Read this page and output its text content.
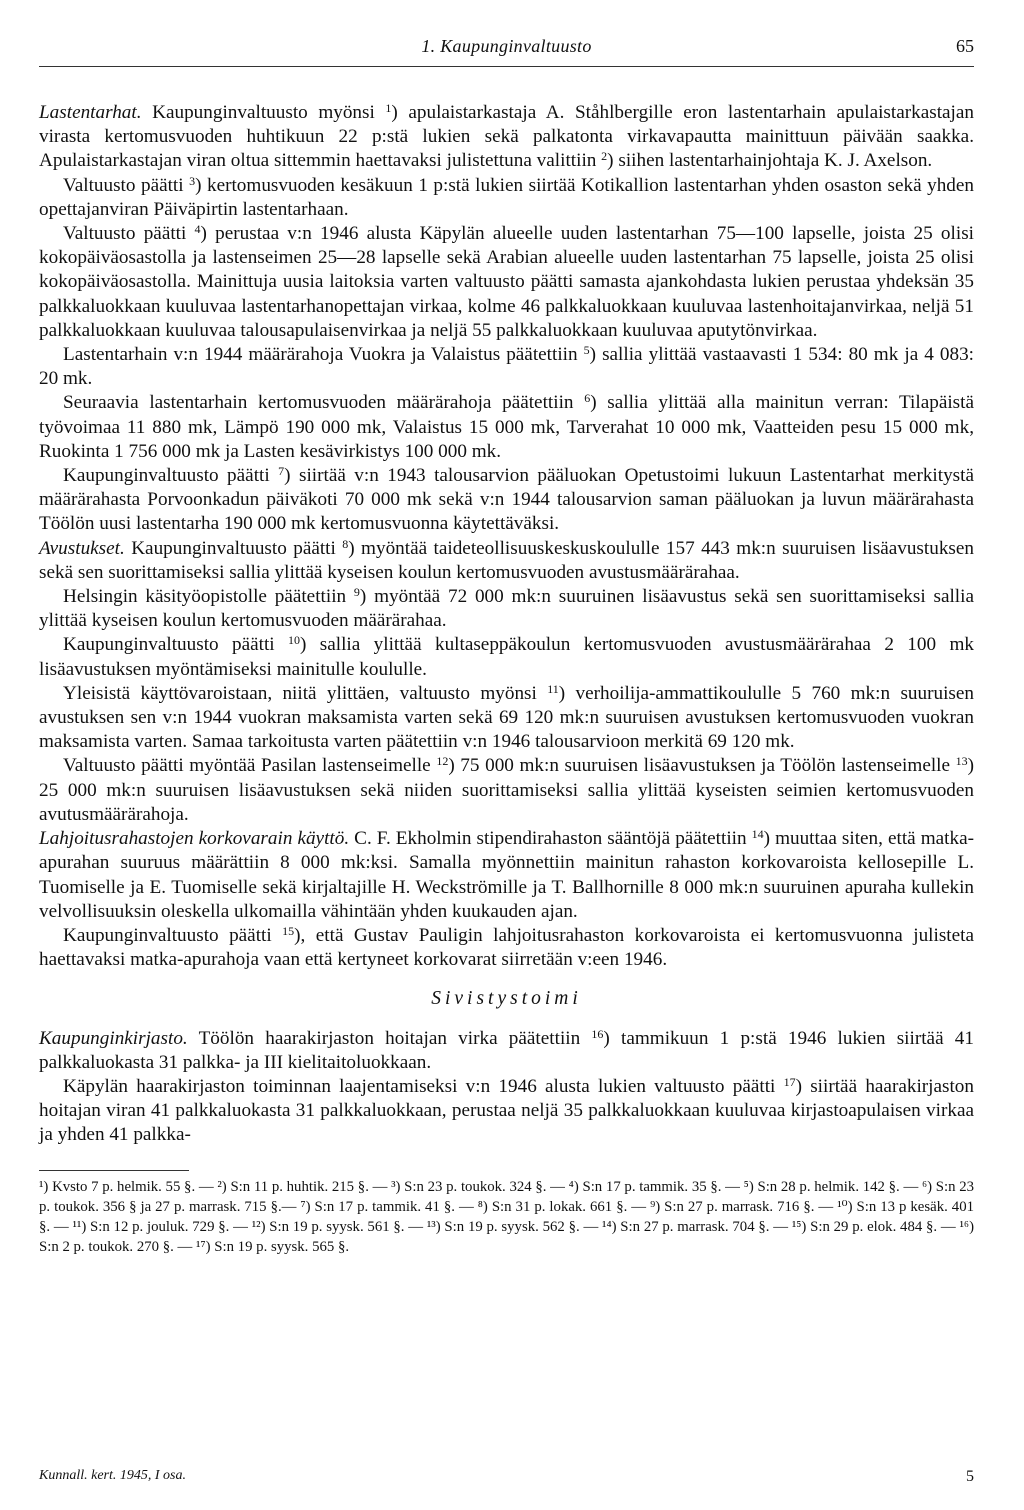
1. Kaupunginvaltuusto	65

Lastentarhat. Kaupunginvaltuusto myönsi $^1$) apulaistarkastaja A. Ståhlbergille eron lastentarhain apulaistarkastajan virasta kertomusvuoden huhtikuun 22 p:stä lukien sekä palkatonta virkavapautta mainittuun päivään saakka. Apulaistarkastajan viran oltua sittemmin haettavaksi julistettuna valittiin $^2$) siihen lastentarhainjohtaja K. J. Axelson.

Valtuusto päätti $^3$) kertomusvuoden kesäkuun 1 p:stä lukien siirtää Kotikallion lastentarhan yhden osaston sekä yhden opettajanviran Päiväpirtin lastentarhaan.

Valtuusto päätti $^4$) perustaa v:n 1946 alusta Käpylän alueelle uuden lastentarhan 75—100 lapselle, joista 25 olisi kokopäiväosastolla ja lastenseimen 25—28 lapselle sekä Arabian alueelle uuden lastentarhan 75 lapselle, joista 25 olisi kokopäiväosastolla. Mainittuja uusia laitoksia varten valtuusto päätti samasta ajankohdasta lukien perustaa yhdeksän 35 palkkaluokkaan kuuluvaa lastentarhanopettajan virkaa, kolme 46 palkkaluokkaan kuuluvaa lastenhoitajanvirkaa, neljä 51 palkkaluokkaan kuuluvaa talousapulaisenvirkaa ja neljä 55 palkkaluokkaan kuuluvaa aputytönvirkaa.

Lastentarhain v:n 1944 määrärahoja Vuokra ja Valaistus päätettiin $^5$) sallia ylittää vastaavasti 1 534: 80 mk ja 4 083: 20 mk.

Seuraavia lastentarhain kertomusvuoden määrärahoja päätettiin $^6$) sallia ylittää alla mainitun verran: Tilapäistä työvoimaa 11 880 mk, Lämpö 190 000 mk, Valaistus 15 000 mk, Tarverahat 10 000 mk, Vaatteiden pesu 15 000 mk, Ruokinta 1 756 000 mk ja Lasten kesävirkistys 100 000 mk.

Kaupunginvaltuusto päätti $^7$) siirtää v:n 1943 talousarvion pääluokan Opetustoimi lukuun Lastentarhat merkitystä määrärahasta Porvoonkadun päiväkoti 70 000 mk sekä v:n 1944 talousarvion saman pääluokan ja luvun määrärahasta Töölön uusi lastentarha 190 000 mk kertomusvuonna käytettäväksi.

Avustukset. Kaupunginvaltuusto päätti $^8$) myöntää taideteollisuuskeskuskoululle 157 443 mk:n suuruisen lisäavustuksen sekä sen suorittamiseksi sallia ylittää kyseisen koulun kertomusvuoden avustusmäärärahaa.

Helsingin käsityöopistolle päätettiin $^9$) myöntää 72 000 mk:n suuruinen lisäavustus sekä sen suorittamiseksi sallia ylittää kyseisen koulun kertomusvuoden määrärahaa.

Kaupunginvaltuusto päätti $^{10}$) sallia ylittää kultaseppäkoulun kertomusvuoden avustusmäärärahaa 2 100 mk lisäavustuksen myöntämiseksi mainitulle koululle.

Yleisistä käyttövaroistaan, niitä ylittäen, valtuusto myönsi $^{11}$) verhoilija-ammattikoululle 5 760 mk:n suuruisen avustuksen sen v:n 1944 vuokran maksamista varten sekä 69 120 mk:n suuruisen avustuksen kertomusvuoden vuokran maksamista varten. Samaa tarkoitusta varten päätettiin v:n 1946 talousarvioon merkitä 69 120 mk.

Valtuusto päätti myöntää Pasilan lastenseimelle $^{12}$) 75 000 mk:n suuruisen lisäavustuksen ja Töölön lastenseimelle $^{13}$) 25 000 mk:n suuruisen lisäavustuksen sekä niiden suorittamiseksi sallia ylittää kyseisten seimien kertomusvuoden avutusmäärärahoja.

Lahjoitusrahastojen korkovarain käyttö. C. F. Ekholmin stipendirahaston sääntöjä päätettiin $^{14}$) muuttaa siten, että matka-apurahan suuruus määrättiin 8 000 mk:ksi. Samalla myönnettiin mainitun rahaston korkovaroista kellosepille L. Tuomiselle ja E. Tuomiselle sekä kirjaltajille H. Weckströmille ja T. Ballhornille 8 000 mk:n suuruinen apuraha kullekin velvollisuuksin oleskella ulkomailla vähintään yhden kuukauden ajan.

Kaupunginvaltuusto päätti $^{15}$), että Gustav Pauligin lahjoitusrahaston korkovaroista ei kertomusvuonna julisteta haettavaksi matka-apurahoja vaan että kertyneet korkovarat siirretään v:een 1946.

Sivistystoimi

Kaupunginkirjasto. Töölön haarakirjaston hoitajan virka päätettiin $^{16}$) tammikuun 1 p:stä 1946 lukien siirtää 41 palkkaluokasta 31 palkka- ja III kielitaitoluokkaan.

Käpylän haarakirjaston toiminnan laajentamiseksi v:n 1946 alusta lukien valtuusto päätti $^{17}$) siirtää haarakirjaston hoitajan viran 41 palkkaluokasta 31 palkkaluokkaan, perustaa neljä 35 palkkaluokkaan kuuluvaa kirjastoapulaisen virkaa ja yhden 41 palkka-

¹) Kvsto 7 p. helmik. 55 §. — ²) S:n 11 p. huhtik. 215 §. — ³) S:n 23 p. toukok. 324 §. — ⁴) S:n 17 p. tammik. 35 §. — ⁵) S:n 28 p. helmik. 142 §. — ⁶) S:n 23 p. toukok. 356 § ja 27 p. marrask. 715 §.— ⁷) S:n 17 p. tammik. 41 §. — ⁸) S:n 31 p. lokak. 661 §. — ⁹) S:n 27 p. marrask. 716 §. — ¹⁰) S:n 13 p kesäk. 401 §. — ¹¹) S:n 12 p. jouluk. 729 §. — ¹²) S:n 19 p. syysk. 561 §. — ¹³) S:n 19 p. syysk. 562 §. — ¹⁴) S:n 27 p. marrask. 704 §. — ¹⁵) S:n 29 p. elok. 484 §. — ¹⁶) S:n 2 p. toukok. 270 §. — ¹⁷) S:n 19 p. syysk. 565 §.
Kunnall. kert. 1945, I osa.	5
